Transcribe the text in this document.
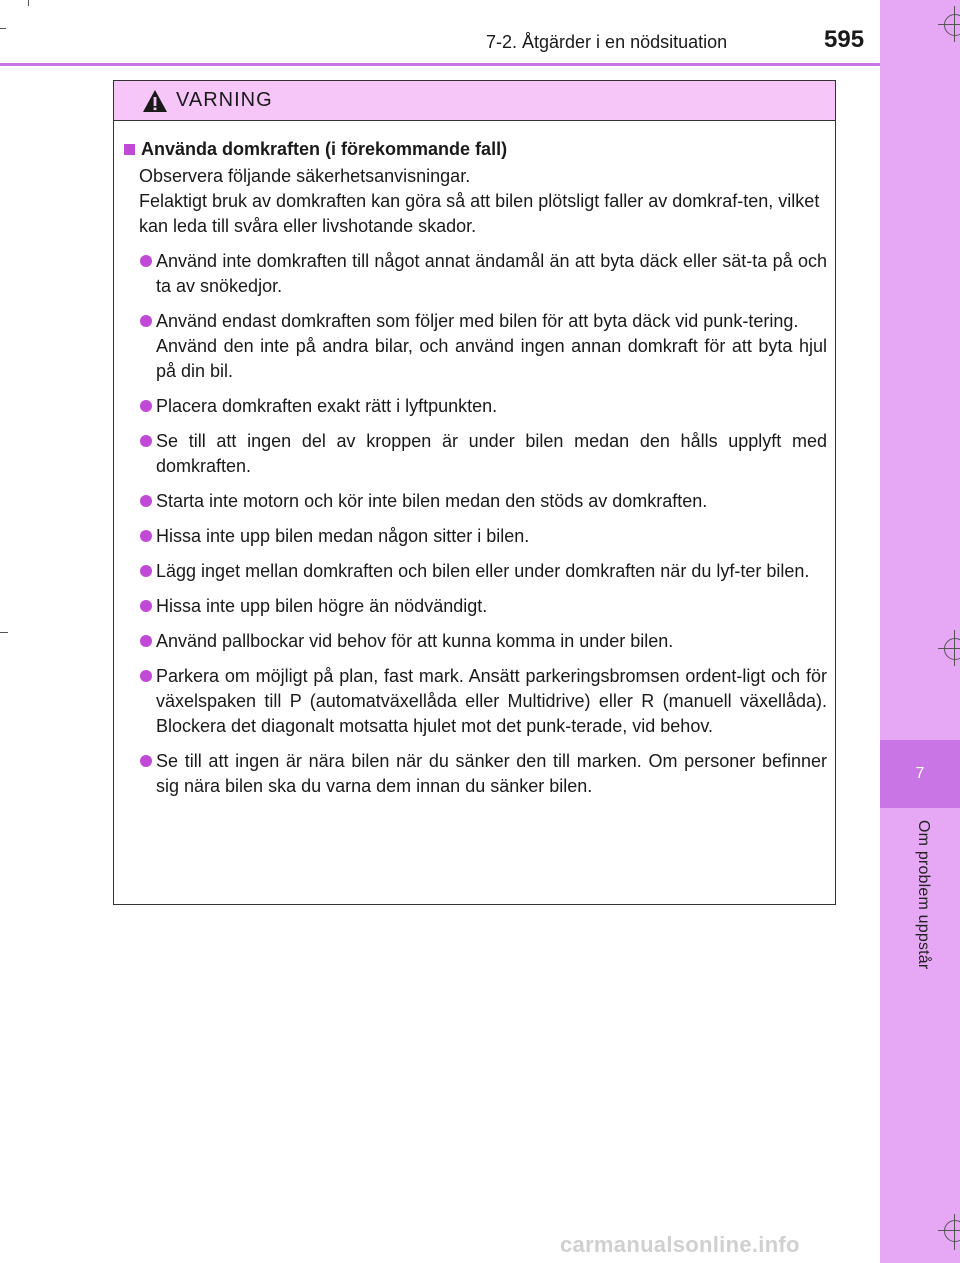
7
Om problem uppstår
7-2. Åtgärder i en nödsituation	595
VARNING
Använda domkraften (i förekommande fall)

Observera följande säkerhetsanvisningar.

Felaktigt bruk av domkraften kan göra så att bilen plötsligt faller av domkraf-ten, vilket kan leda till svåra eller livshotande skador.

Använd inte domkraften till något annat ändamål än att byta däck eller sät-ta på och ta av snökedjor.

Använd endast domkraften som följer med bilen för att byta däck vid punk-tering.

Använd den inte på andra bilar, och använd ingen annan domkraft för att byta hjul på din bil.

Placera domkraften exakt rätt i lyftpunkten.

Se till att ingen del av kroppen är under bilen medan den hålls upplyft med domkraften.

Starta inte motorn och kör inte bilen medan den stöds av domkraften.

Hissa inte upp bilen medan någon sitter i bilen.

Lägg inget mellan domkraften och bilen eller under domkraften när du lyf-ter bilen.

Hissa inte upp bilen högre än nödvändigt.

Använd pallbockar vid behov för att kunna komma in under bilen.

Parkera om möjligt på plan, fast mark. Ansätt parkeringsbromsen ordent-ligt och för växelspaken till P (automatväxellåda eller Multidrive) eller R (manuell växellåda). Blockera det diagonalt motsatta hjulet mot det punk-terade, vid behov.

Se till att ingen är nära bilen när du sänker den till marken. Om personer befinner sig nära bilen ska du varna dem innan du sänker bilen.

carmanualsonline.info
